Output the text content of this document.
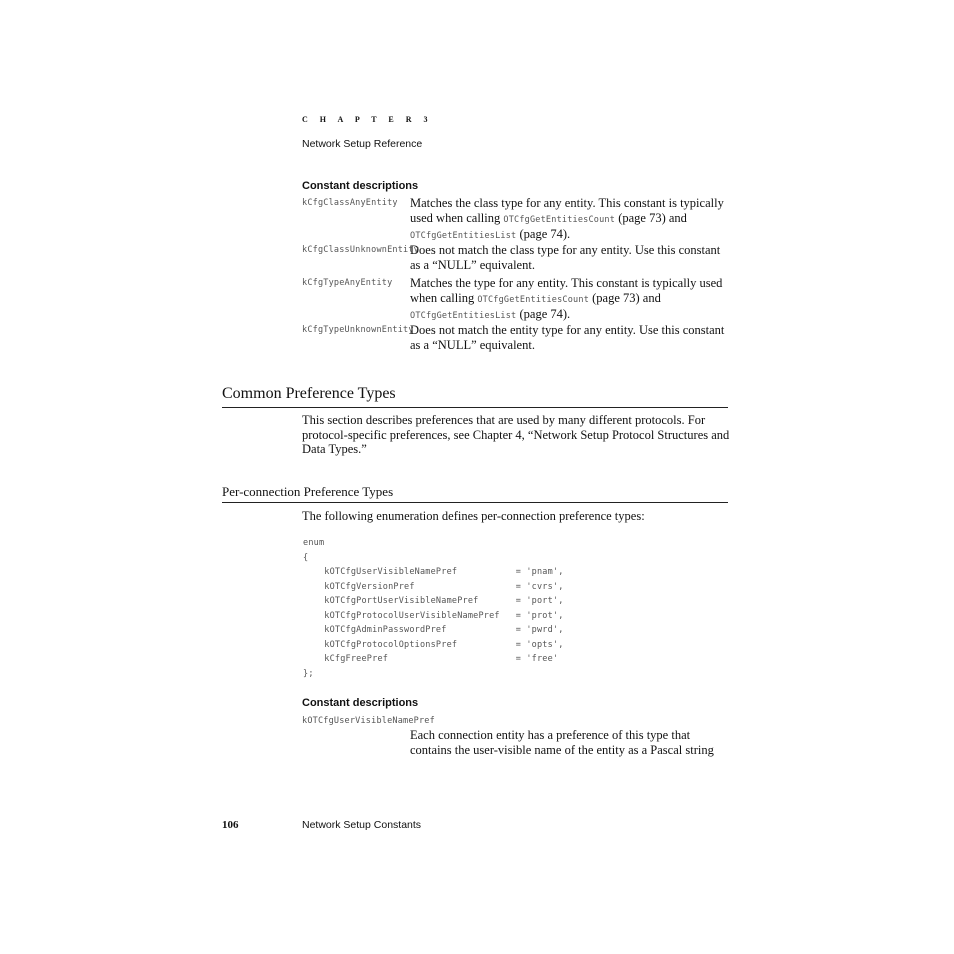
C H A P T E R 3
Network Setup Reference
Constant descriptions
kCfgClassAnyEntity Matches the class type for any entity. This constant is typically used when calling OTCfgGetEntitiesCount (page 73) and OTCfgGetEntitiesList (page 74).
kCfgClassUnknownEntity
Does not match the class type for any entity. Use this constant as a “NULL” equivalent.
kCfgTypeAnyEntity Matches the type for any entity. This constant is typically used when calling OTCfgGetEntitiesCount (page 73) and OTCfgGetEntitiesList (page 74).
kCfgTypeUnknownEntity
Does not match the entity type for any entity. Use this constant as a “NULL” equivalent.
Common Preference Types
This section describes preferences that are used by many different protocols. For protocol-specific preferences, see Chapter 4, “Network Setup Protocol Structures and Data Types.”
Per-connection Preference Types
The following enumeration defines per-connection preference types:
enum
{
kOTCfgUserVisibleNamePref           = 'pnam',
kOTCfgVersionPref                   = 'cvrs',
kOTCfgPortUserVisibleNamePref       = 'port',
kOTCfgProtocolUserVisibleNamePref   = 'prot',
kOTCfgAdminPasswordPref             = 'pwrd',
kOTCfgProtocolOptionsPref           = 'opts',
kCfgFreePref                        = 'free'
};
Constant descriptions
kOTCfgUserVisibleNamePref
Each connection entity has a preference of this type that contains the user-visible name of the entity as a Pascal string
106	Network Setup Constants
